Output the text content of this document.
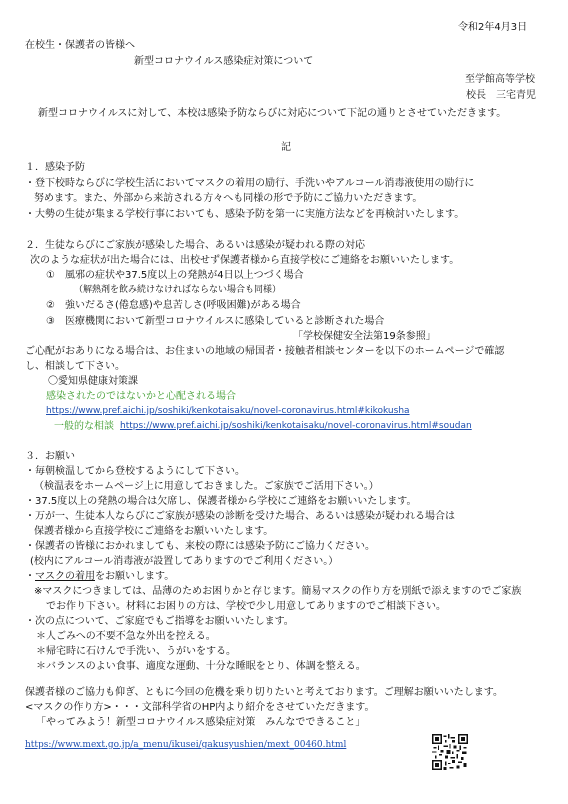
令和2年4月3日
在校生・保護者の皆様へ
新型コロナウイルス感染症対策について
至学館高等学校
校長　三宅青児
新型コロナウイルスに対して、本校は感染予防ならびに対応について下記の通りとさせていただきます。
記
１．感染予防
・登下校時ならびに学校生活においてマスクの着用の励行、手洗いやアルコール消毒液使用の励行に
努めます。また、外部から来訪される方々へも同様の形で予防にご協力いただきます。
・大勢の生徒が集まる学校行事においても、感染予防を第一に実施方法などを再検討いたします。
２．生徒ならびにご家族が感染した場合、あるいは感染が疑われる際の対応
次のような症状が出た場合には、出校せず保護者様から直接学校にご連絡をお願いいたします。
①　風邪の症状や37.5度以上の発熱が4日以上つづく場合
（解熱剤を飲み続けなければならない場合も同様）
②　強いだるさ(倦怠感)や息苦しさ(呼吸困難)がある場合
③　医療機関において新型コロナウイルスに感染していると診断された場合
「学校保健安全法第19条参照」
ご心配がおありになる場合は、お住まいの地域の帰国者・接触者相談センターを以下のホームページで確認
し、相談して下さい。
〇愛知県健康対策課
感染されたのではないかと心配される場合
https://www.pref.aichi.jp/soshiki/kenkotaisaku/novel-coronavirus.html#kikokusha
一般的な相談 https://www.pref.aichi.jp/soshiki/kenkotaisaku/novel-coronavirus.html#soudan
３．お願い
・毎朝検温してから登校するようにして下さい。
（検温表をホームページ上に用意しておきました。ご家族でご活用下さい。）
・37.5度以上の発熱の場合は欠席し、保護者様から学校にご連絡をお願いいたします。
・万が一、生徒本人ならびにご家族が感染の診断を受けた場合、あるいは感染が疑われる場合は
保護者様から直接学校にご連絡をお願いいたします。
・保護者の皆様におかれましても、来校の際には感染予防にご協力ください。
(校内にアルコール消毒液が設置してありますのでご利用ください。）
・マスクの着用をお願いします。
※マスクにつきましては、品薄のためお困りかと存じます。簡易マスクの作り方を別紙で添えますのでご家族
でお作り下さい。材料にお困りの方は、学校で少し用意してありますのでご相談下さい。
・次の点について、ご家庭でもご指導をお願いいたします。
＊人ごみへの不要不急な外出を控える。
＊帰宅時に石けんで手洗い、うがいをする。
＊バランスのよい食事、適度な運動、十分な睡眠をとり、体調を整える。
保護者様のご協力も仰ぎ、ともに今回の危機を乗り切りたいと考えております。ご理解お願いいたします。
<マスクの作り方>・・・文部科学省のHP内より紹介をさせていただきます。
「やってみよう！新型コロナウイルス感染症対策　みんなでできること」
https://www.mext.go.jp/a_menu/ikusei/gakusyushien/mext_00460.html
